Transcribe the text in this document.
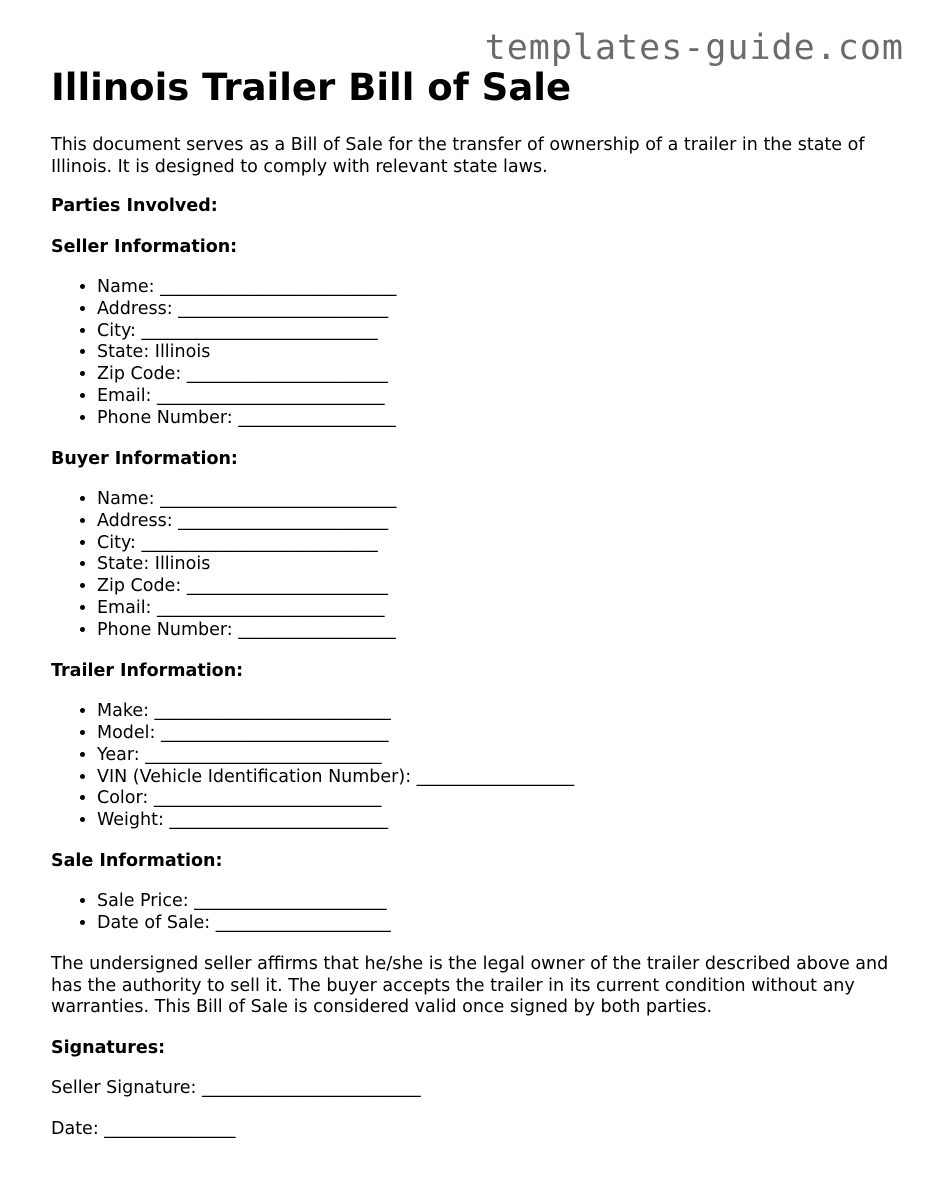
templates-guide.com
Illinois Trailer Bill of Sale

This document serves as a Bill of Sale for the transfer of ownership of a trailer in the state of Illinois. It is designed to comply with relevant state laws.

Parties Involved:

Seller Information:

• Name: ___________________________
• Address: ________________________
• City: ___________________________
• State: Illinois
• Zip Code: _______________________
• Email: __________________________
• Phone Number: __________________

Buyer Information:

• Name: ___________________________
• Address: ________________________
• City: ___________________________
• State: Illinois
• Zip Code: _______________________
• Email: __________________________
• Phone Number: __________________

Trailer Information:

• Make: ___________________________
• Model: __________________________
• Year: ___________________________
• VIN (Vehicle Identification Number): __________________
• Color: __________________________
• Weight: _________________________

Sale Information:

• Sale Price: ______________________
• Date of Sale: ____________________

The undersigned seller affirms that he/she is the legal owner of the trailer described above and has the authority to sell it. The buyer accepts the trailer in its current condition without any warranties. This Bill of Sale is considered valid once signed by both parties.

Signatures:

Seller Signature: _________________________

Date: _______________
